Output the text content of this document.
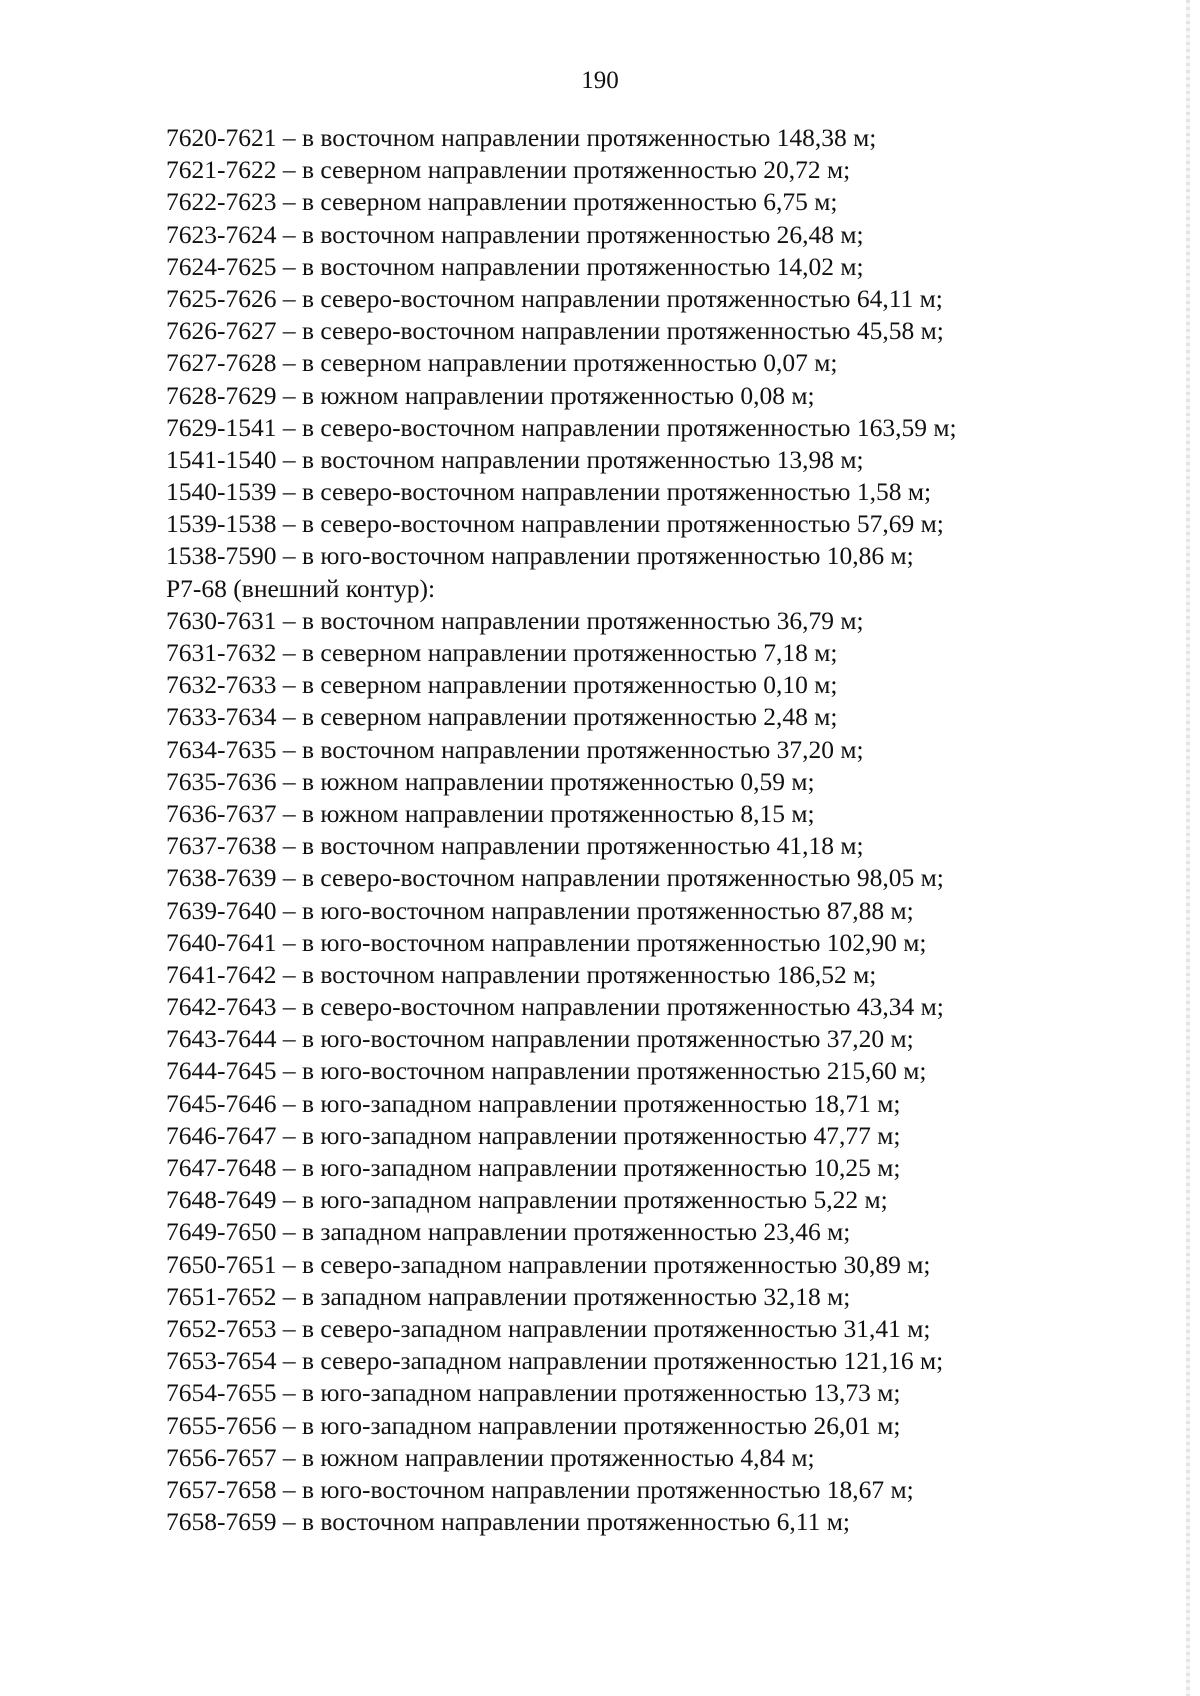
190
7620-7621 – в восточном направлении протяженностью 148,38 м;
7621-7622 – в северном направлении протяженностью 20,72 м;
7622-7623 – в северном направлении протяженностью 6,75 м;
7623-7624 – в восточном направлении протяженностью 26,48 м;
7624-7625 – в восточном направлении протяженностью 14,02 м;
7625-7626 – в северо-восточном направлении протяженностью 64,11 м;
7626-7627 – в северо-восточном направлении протяженностью 45,58 м;
7627-7628 – в северном направлении протяженностью 0,07 м;
7628-7629 – в южном направлении протяженностью 0,08 м;
7629-1541 – в северо-восточном направлении протяженностью 163,59 м;
1541-1540 – в восточном направлении протяженностью 13,98 м;
1540-1539 – в северо-восточном направлении протяженностью 1,58 м;
1539-1538 – в северо-восточном направлении протяженностью 57,69 м;
1538-7590 – в юго-восточном направлении протяженностью 10,86 м;
Р7-68 (внешний контур):
7630-7631 – в восточном направлении протяженностью 36,79 м;
7631-7632 – в северном направлении протяженностью 7,18 м;
7632-7633 – в северном направлении протяженностью 0,10 м;
7633-7634 – в северном направлении протяженностью 2,48 м;
7634-7635 – в восточном направлении протяженностью 37,20 м;
7635-7636 – в южном направлении протяженностью 0,59 м;
7636-7637 – в южном направлении протяженностью 8,15 м;
7637-7638 – в восточном направлении протяженностью 41,18 м;
7638-7639 – в северо-восточном направлении протяженностью 98,05 м;
7639-7640 – в юго-восточном направлении протяженностью 87,88 м;
7640-7641 – в юго-восточном направлении протяженностью 102,90 м;
7641-7642 – в восточном направлении протяженностью 186,52 м;
7642-7643 – в северо-восточном направлении протяженностью 43,34 м;
7643-7644 – в юго-восточном направлении протяженностью 37,20 м;
7644-7645 – в юго-восточном направлении протяженностью 215,60 м;
7645-7646 – в юго-западном направлении протяженностью 18,71 м;
7646-7647 – в юго-западном направлении протяженностью 47,77 м;
7647-7648 – в юго-западном направлении протяженностью 10,25 м;
7648-7649 – в юго-западном направлении протяженностью 5,22 м;
7649-7650 – в западном направлении протяженностью 23,46 м;
7650-7651 – в северо-западном направлении протяженностью 30,89 м;
7651-7652 – в западном направлении протяженностью 32,18 м;
7652-7653 – в северо-западном направлении протяженностью 31,41 м;
7653-7654 – в северо-западном направлении протяженностью 121,16 м;
7654-7655 – в юго-западном направлении протяженностью 13,73 м;
7655-7656 – в юго-западном направлении протяженностью 26,01 м;
7656-7657 – в южном направлении протяженностью 4,84 м;
7657-7658 – в юго-восточном направлении протяженностью 18,67 м;
7658-7659 – в восточном направлении протяженностью 6,11 м;
